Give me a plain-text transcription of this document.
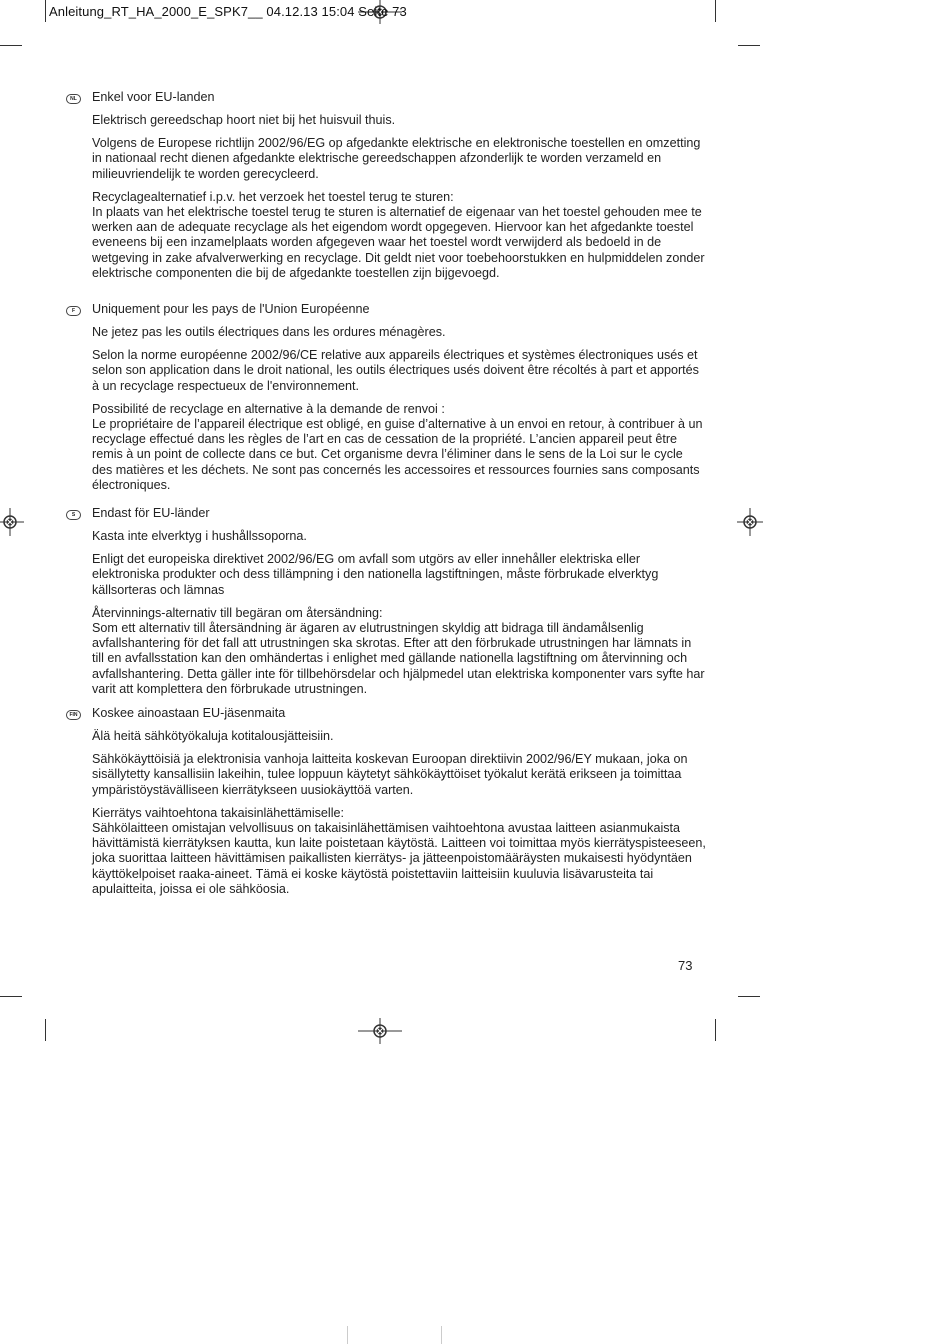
Anleitung_RT_HA_2000_E_SPK7__ 04.12.13 15:04 Seite 73
NL	Enkel voor EU-landen
Elektrisch gereedschap hoort niet bij het huisvuil thuis.
Volgens de Europese richtlijn 2002/96/EG op afgedankte elektrische en elektronische toestellen en omzetting in nationaal recht dienen afgedankte elektrische gereedschappen afzonderlijk te worden verzameld en milieuvriendelijk te worden gerecycleerd.
Recyclagealternatief i.p.v. het verzoek het toestel terug te sturen:
In plaats van het elektrische toestel terug te sturen is alternatief de eigenaar van het toestel gehouden mee te werken aan de adequate recyclage als het eigendom wordt opgegeven. Hiervoor kan het afgedankte toestel eveneens bij een inzamelplaats worden afgegeven waar het toestel wordt verwijderd als bedoeld in de wetgeving in zake afvalverwerking en recyclage. Dit geldt niet voor toebehoorstukken en hulpmiddelen zonder elektrische componenten die bij de afgedankte toestellen zijn bijgevoegd.
F	Uniquement pour les pays de l'Union Européenne
Ne jetez pas les outils électriques dans les ordures ménagères.
Selon la norme européenne 2002/96/CE relative aux appareils électriques et systèmes électroniques usés et selon son application dans le droit national, les outils électriques usés doivent être récoltés à part et apportés à un recyclage respectueux de l'environnement.
Possibilité de recyclage en alternative à la demande de renvoi :
Le propriétaire de l’appareil électrique est obligé, en guise d’alternative à un envoi en retour, à contribuer à un recyclage effectué dans les règles de l’art en cas de cessation de la propriété. L’ancien appareil peut être remis à un point de collecte dans ce but. Cet organisme devra l’éliminer dans le sens de la Loi sur le cycle des matières et les déchets. Ne sont pas concernés les accessoires et ressources fournies sans composants électroniques.
S	Endast för EU-länder
Kasta inte elverktyg i hushållssoporna.
Enligt det europeiska direktivet 2002/96/EG om avfall som utgörs av eller innehåller elektriska eller elektroniska produkter och dess tillämpning i den nationella lagstiftningen, måste förbrukade elverktyg källsorteras och lämnas
Återvinnings-alternativ till begäran om återsändning:
Som ett alternativ till återsändning är ägaren av elutrustningen skyldig att bidraga till ändamålsenlig avfallshantering för det fall att utrustningen ska skrotas. Efter att den förbrukade utrustningen har lämnats in till en avfallsstation kan den omhändertas i enlighet med gällande nationella lagstiftning om återvinning och avfallshantering. Detta gäller inte för tillbehörsdelar och hjälpmedel utan elektriska komponenter vars syfte har varit att komplettera den förbrukade utrustningen.
FIN Koskee ainoastaan EU-jäsenmaita
Älä heitä sähkötyökaluja kotitalousjätteisiin.
Sähkökäyttöisiä ja elektronisia vanhoja laitteita koskevan Euroopan direktiivin 2002/96/EY mukaan, joka on sisällytetty kansallisiin lakeihin, tulee loppuun käytetyt sähkökäyttöiset työkalut kerätä erikseen ja toimittaa ympäristöystävälliseen kierrätykseen uusiokäyttöä varten.
Kierrätys vaihtoehtona takaisinlähettämiselle:
Sähkölaitteen omistajan velvollisuus on takaisinlähettämisen vaihtoehtona avustaa laitteen asianmukaista hävittämistä kierrätyksen kautta, kun laite poistetaan käytöstä. Laitteen voi toimittaa myös kierrätyspisteeseen, joka suorittaa laitteen hävittämisen paikallisten kierrätys- ja jätteenpoistomääräysten mukaisesti hyödyntäen käyttökelpoiset raaka-aineet. Tämä ei koske käytöstä poistettaviin laitteisiin kuuluvia lisävarusteita tai apulaitteita, joissa ei ole sähköosia.
73
